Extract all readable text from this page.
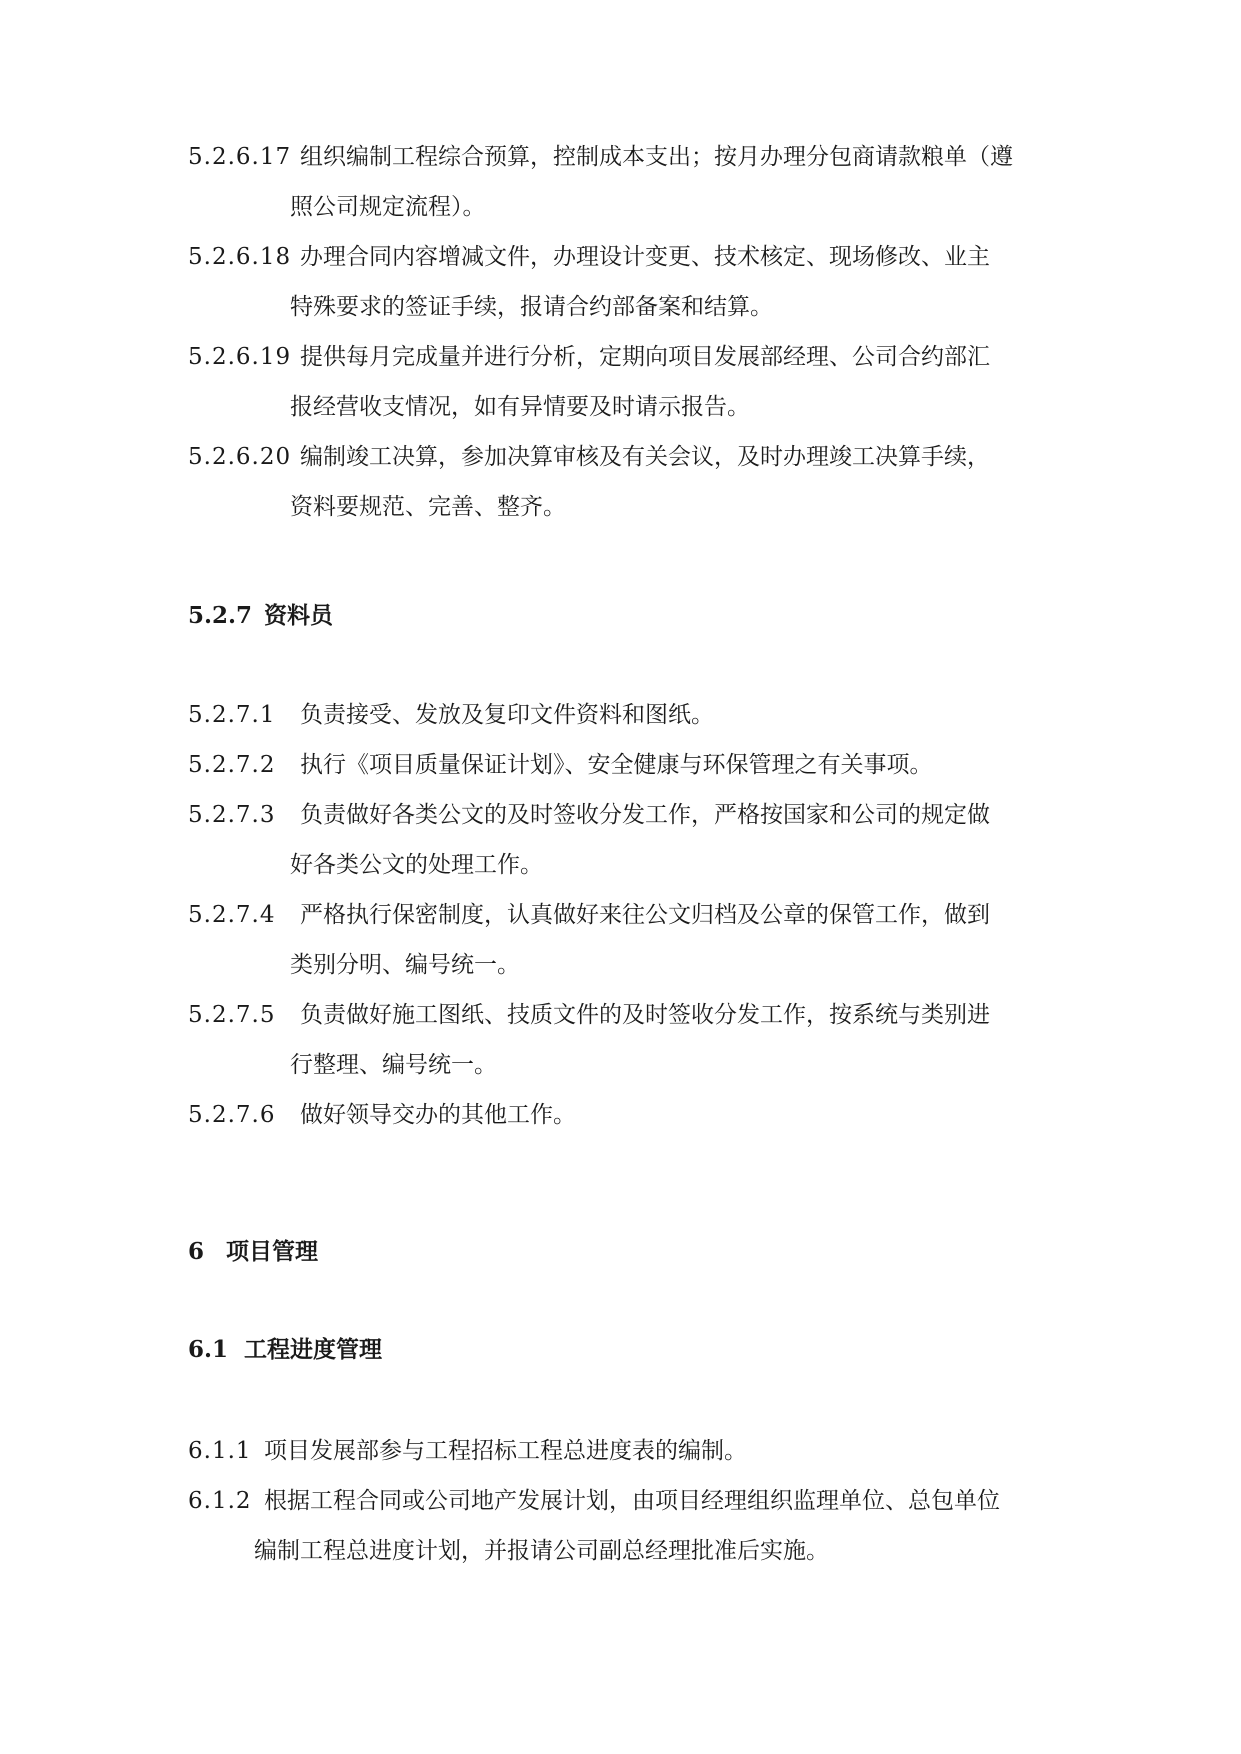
5.2.6.17 组织编制工程综合预算，控制成本支出；按月办理分包商请款粮单（遵
照公司规定流程）。
5.2.6.18 办理合同内容增减文件，办理设计变更、技术核定、现场修改、业主
特殊要求的签证手续，报请合约部备案和结算。
5.2.6.19 提供每月完成量并进行分析，定期向项目发展部经理、公司合约部汇
报经营收支情况，如有异情要及时请示报告。
5.2.6.20 编制竣工决算，参加决算审核及有关会议，及时办理竣工决算手续，
资料要规范、完善、整齐。
5.2.7 资料员
5.2.7.1 负责接受、发放及复印文件资料和图纸。
5.2.7.2 执行《项目质量保证计划》、安全健康与环保管理之有关事项。
5.2.7.3 负责做好各类公文的及时签收分发工作，严格按国家和公司的规定做
好各类公文的处理工作。
5.2.7.4 严格执行保密制度，认真做好来往公文归档及公章的保管工作，做到
类别分明、编号统一。
5.2.7.5 负责做好施工图纸、技质文件的及时签收分发工作，按系统与类别进
行整理、编号统一。
5.2.7.6 做好领导交办的其他工作。
6 项目管理
6.1 工程进度管理
6.1.1 项目发展部参与工程招标工程总进度表的编制。
6.1.2 根据工程合同或公司地产发展计划，由项目经理组织监理单位、总包单位
编制工程总进度计划，并报请公司副总经理批准后实施。
